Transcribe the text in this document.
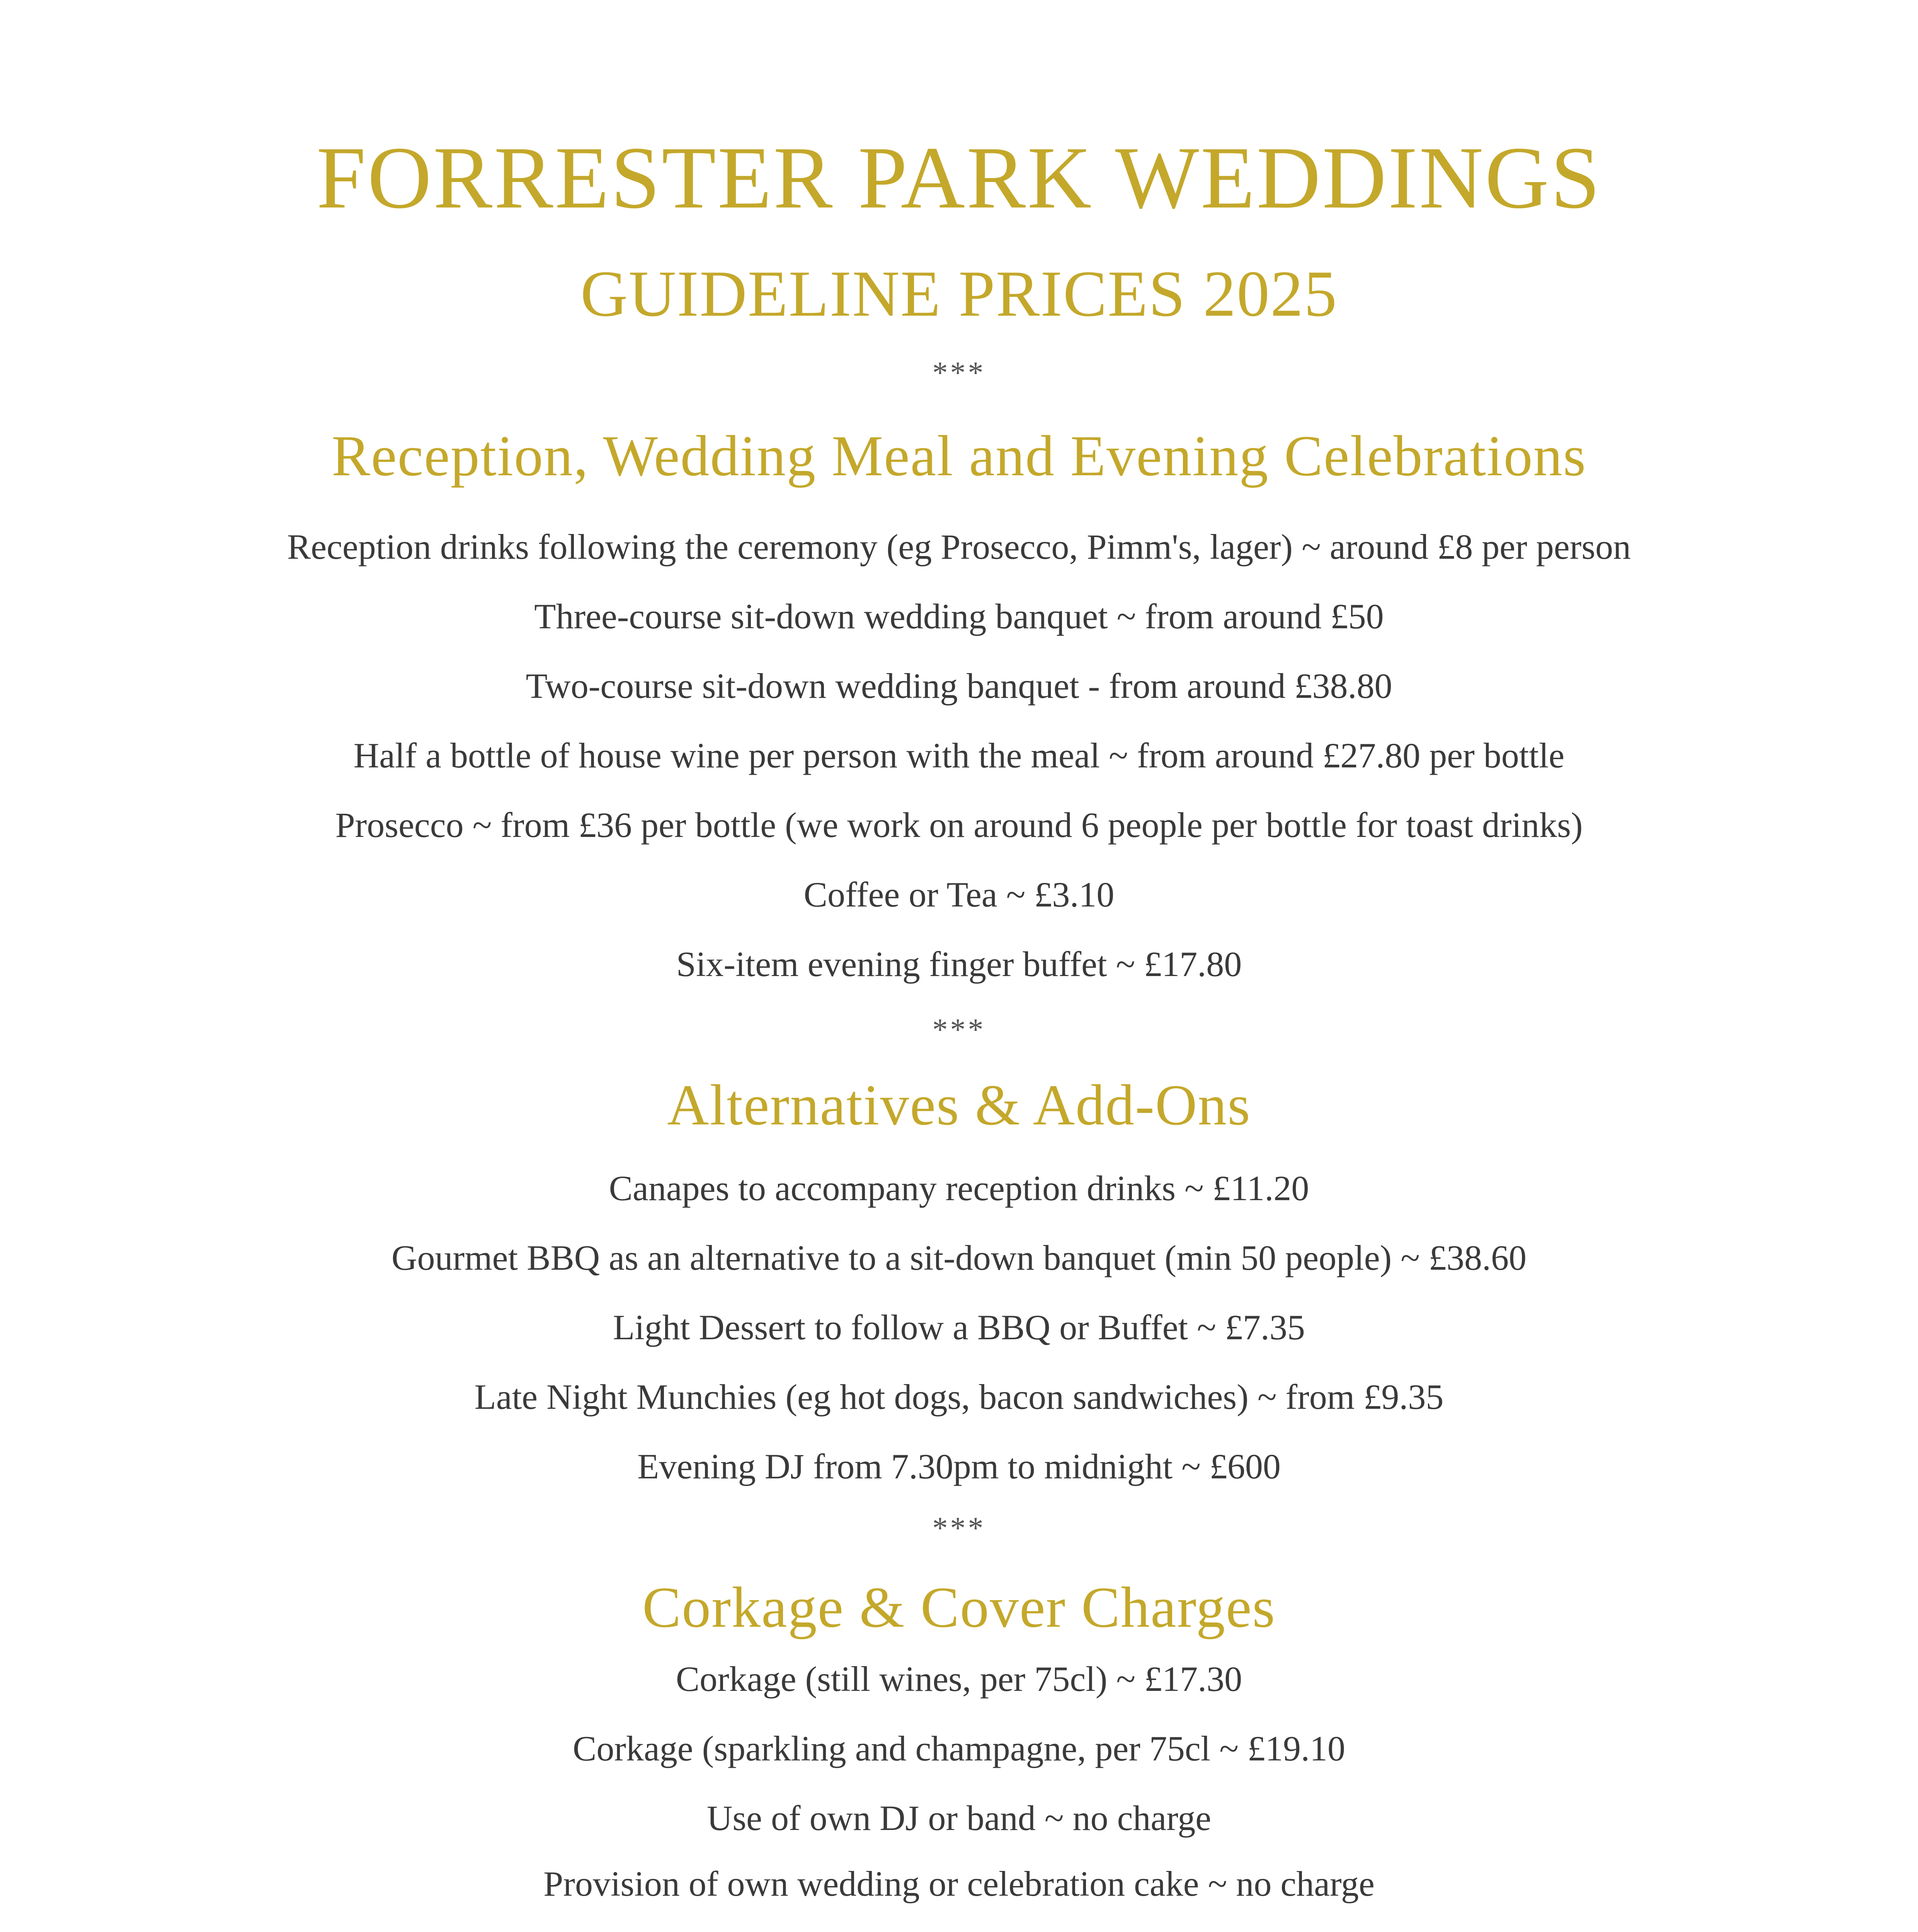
FORRESTER PARK WEDDINGS
GUIDELINE PRICES 2025
***
Reception, Wedding Meal and Evening Celebrations
Reception drinks following the ceremony (eg Prosecco, Pimm's, lager) ~ around £8 per person
Three-course sit-down wedding banquet ~ from around £50
Two-course sit-down wedding banquet - from around £38.80
Half a bottle of house wine per person with the meal ~ from around £27.80 per bottle
Prosecco ~ from £36 per bottle (we work on around 6 people per bottle for toast drinks)
Coffee or Tea ~ £3.10
Six-item evening finger buffet ~ £17.80
***
Alternatives & Add-Ons
Canapes to accompany reception drinks ~ £11.20
Gourmet BBQ as an alternative to a sit-down banquet (min 50 people) ~ £38.60
Light Dessert to follow a BBQ or Buffet ~ £7.35
Late Night Munchies (eg hot dogs, bacon sandwiches) ~ from £9.35
Evening DJ from 7.30pm to midnight ~ £600
***
Corkage & Cover Charges
Corkage (still wines, per 75cl) ~ £17.30
Corkage (sparkling and champagne, per 75cl ~ £19.10
Use of own DJ or band ~ no charge
Provision of own wedding or celebration cake ~ no charge
